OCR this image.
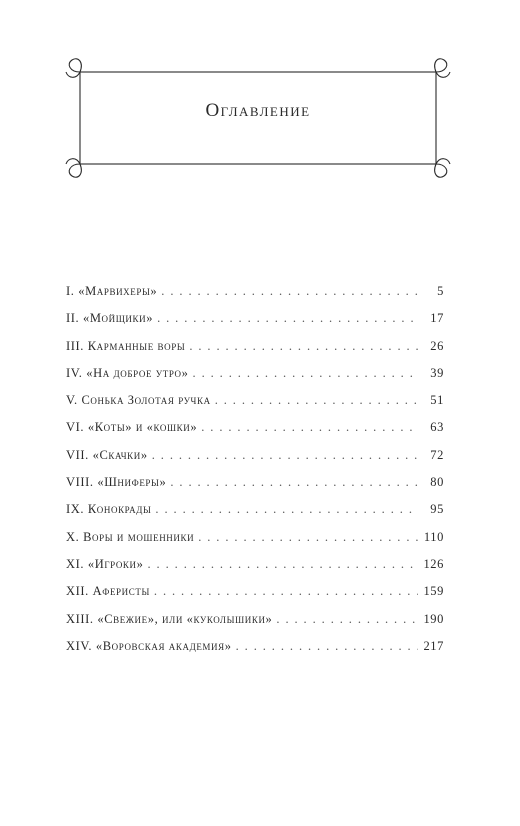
Оглавление
I. «Марвихеры» . . .	5
II. «Мойщики» . . .	17
III. Карманные воры . . .	26
IV. «На доброе утро» . . .	39
V. Сонька Золотая ручка . . .	51
VI. «Коты» и «кошки» . . .	63
VII. «Скачки» . . .	72
VIII. «Шниферы» . . .	80
IX. Конокрады . . .	95
X. Воры и мошенники . . .	110
XI. «Игроки» . . .	126
XII. Аферисты . . .	159
XIII. «Свежие», или «куколышики» . . .	190
XIV. «Воровская академия» . . .	217
